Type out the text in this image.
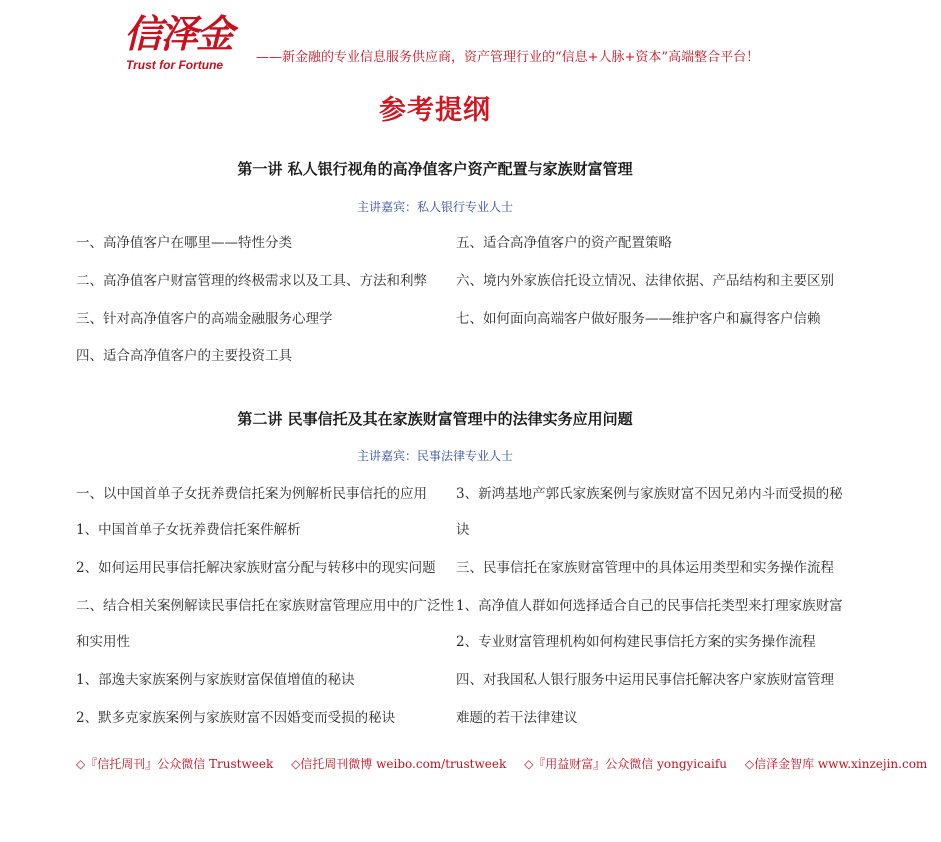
信泽金
Trust for Fortune	——新金融的专业信息服务供应商，资产管理行业的“信息+人脉+资本”高端整合平台！
参考提纲
第一讲 私人银行视角的高净值客户资产配置与家族财富管理
主讲嘉宾：私人银行专业人士
一、高净值客户在哪里——特性分类
二、高净值客户财富管理的终极需求以及工具、方法和利弊
三、针对高净值客户的高端金融服务心理学
四、适合高净值客户的主要投资工具
五、适合高净值客户的资产配置策略
六、境内外家族信托设立情况、法律依据、产品结构和主要区别
七、如何面向高端客户做好服务——维护客户和赢得客户信赖
第二讲 民事信托及其在家族财富管理中的法律实务应用问题
主讲嘉宾：民事法律专业人士
一、以中国首单子女抚养费信托案为例解析民事信托的应用
1、中国首单子女抚养费信托案件解析
2、如何运用民事信托解决家族财富分配与转移中的现实问题
二、结合相关案例解读民事信托在家族财富管理应用中的广泛性
和实用性
1、部逸夫家族案例与家族财富保值增值的秘诀
2、默多克家族案例与家族财富不因婚变而受损的秘诀
3、新鸿基地产郭氏家族案例与家族财富不因兄弟内斗而受损的秘
诀
三、民事信托在家族财富管理中的具体运用类型和实务操作流程
1、高净值人群如何选择适合自己的民事信托类型来打理家族财富
2、专业财富管理机构如何构建民事信托方案的实务操作流程
四、对我国私人银行服务中运用民事信托解决客户家族财富管理
难题的若干法律建议
◇『信托周刊』公众微信 Trustweek ◇信托周刊微博 weibo.com/trustweek ◇『用益财富』公众微信 yongyicaifu ◇信泽金智库 www.xinzejin.com
